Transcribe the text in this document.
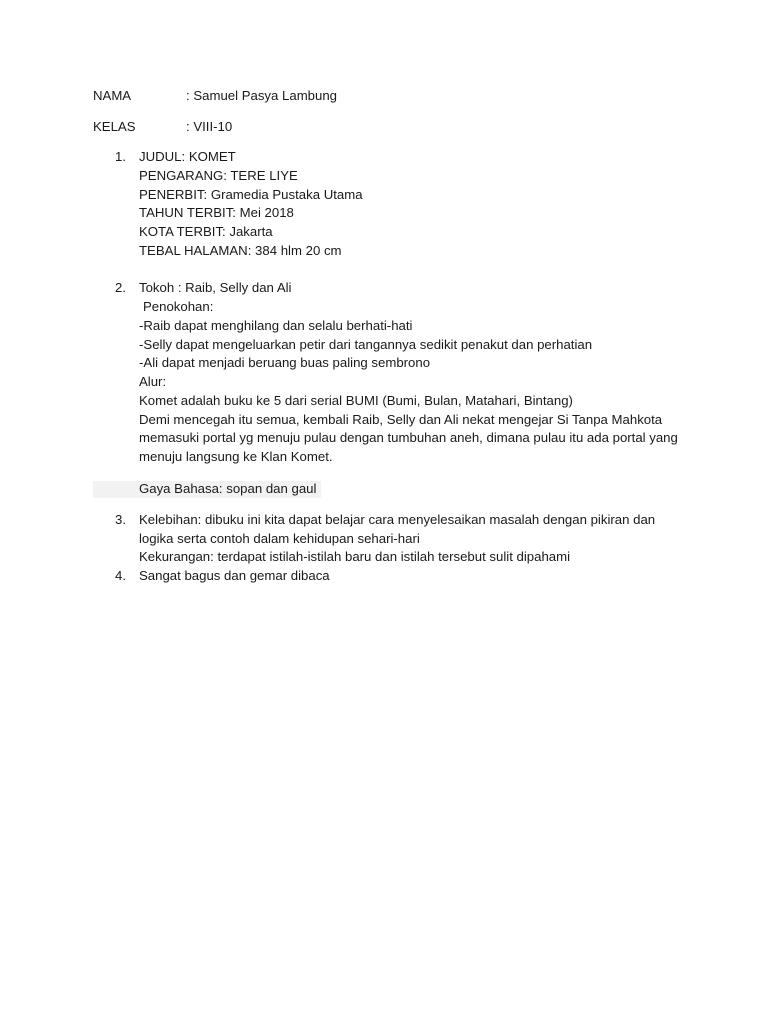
NAMA	: Samuel Pasya Lambung
KELAS	: VIII-10
1. JUDUL: KOMET
PENGARANG: TERE LIYE
PENERBIT: Gramedia Pustaka Utama
TAHUN TERBIT: Mei 2018
KOTA TERBIT: Jakarta
TEBAL HALAMAN: 384 hlm 20 cm
2. Tokoh : Raib, Selly dan Ali
Penokohan:
-Raib dapat menghilang dan selalu berhati-hati
-Selly dapat mengeluarkan petir dari tangannya sedikit penakut dan perhatian
-Ali dapat menjadi beruang buas paling sembrono
Alur:
Komet adalah buku ke 5 dari serial BUMI (Bumi, Bulan, Matahari, Bintang)
Demi mencegah itu semua, kembali Raib, Selly dan Ali nekat mengejar Si Tanpa Mahkota
memasuki portal yg menuju pulau dengan tumbuhan aneh, dimana pulau itu ada portal yang
menuju langsung ke Klan Komet.
Gaya Bahasa: sopan dan gaul
3. Kelebihan: dibuku ini kita dapat belajar cara menyelesaikan masalah dengan pikiran dan
logika serta contoh dalam kehidupan sehari-hari
Kekurangan: terdapat istilah-istilah baru dan istilah tersebut sulit dipahami
4. Sangat bagus dan gemar dibaca
